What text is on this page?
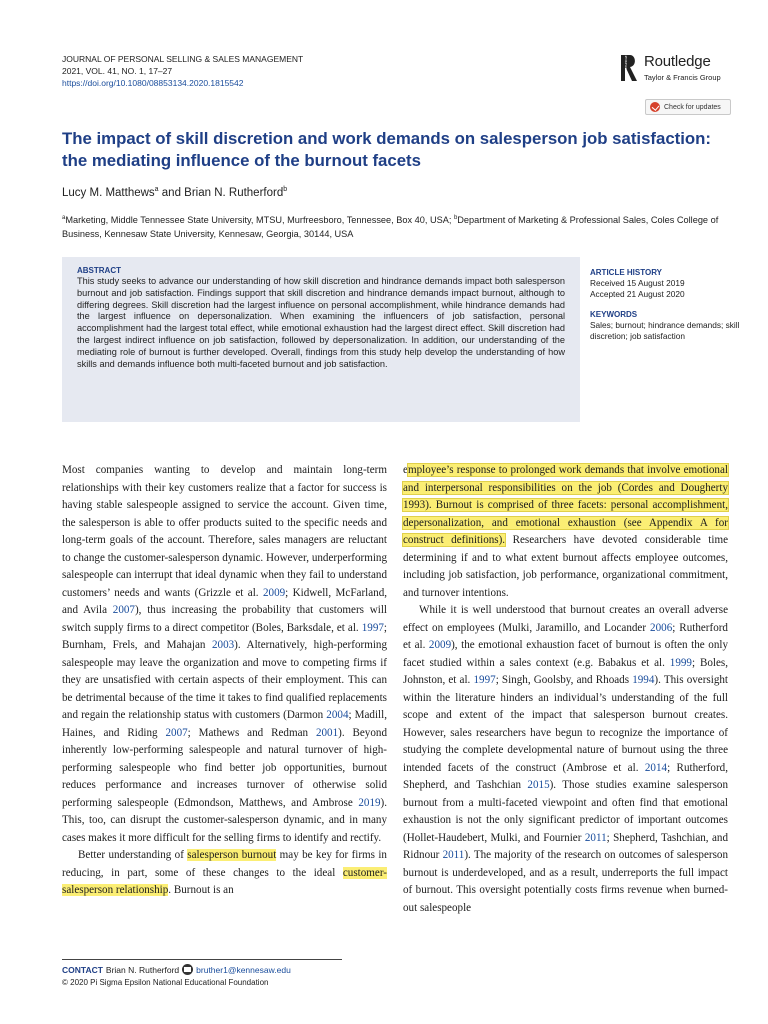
JOURNAL OF PERSONAL SELLING & SALES MANAGEMENT
2021, VOL. 41, NO. 1, 17–27
https://doi.org/10.1080/08853134.2020.1815542
ROUTLEDGE Routledge
Taylor & Francis Group
Check for updates
The impact of skill discretion and work demands on salesperson job satisfaction: the mediating influence of the burnout facets
Lucy M. Matthews$^a$ and Brian N. Rutherford$^b$
$^a$Marketing, Middle Tennessee State University, MTSU, Murfreesboro, Tennessee, Box 40, USA; $^b$Department of Marketing & Professional Sales, Coles College of Business, Kennesaw State University, Kennesaw, Georgia, 30144, USA
ABSTRACT
This study seeks to advance our understanding of how skill discretion and hindrance demands impact both salesperson burnout and job satisfaction. Findings support that skill discretion and hindrance demands impact burnout, although to differing degrees. Skill discretion had the largest influence on personal accomplishment, while hindrance demands had the largest influence on depersonalization. When examining the influencers of job satisfaction, personal accomplishment had the largest total effect, while emotional exhaustion had the largest direct effect. Skill discretion had the largest indirect influence on job satisfaction, followed by depersonalization. In addition, our understanding of the mediating role of burnout is further developed. Overall, findings from this study help develop the understanding of how skills and demands influence both multi-faceted burnout and job satisfaction.
ARTICLE HISTORY
Received 15 August 2019
Accepted 21 August 2020
KEYWORDS
Sales; burnout; hindrance demands; skill discretion; job satisfaction

Most companies wanting to develop and maintain long-term relationships with their key customers realize that a factor for success is having stable salespeople assigned to service the account. Given time, the salesperson is able to offer products suited to the specific needs and long-term goals of the account. Therefore, sales managers are reluctant to change the customer-salesperson dynamic. However, underperforming salespeople can interrupt that ideal dynamic when they fail to understand customers’ needs and wants (Grizzle et al. 2009; Kidwell, McFarland, and Avila 2007), thus increasing the probability that customers will switch supply firms to a direct competitor (Boles, Barksdale, et al. 1997; Burnham, Frels, and Mahajan 2003). Alternatively, high-performing salespeople may leave the organization and move to competing firms if they are unsatisfied with certain aspects of their employment. This can be detrimental because of the time it takes to find qualified replacements and regain the relationship status with customers (Darmon 2004; Madill, Haines, and Riding 2007; Mathews and Redman 2001). Beyond inherently low-performing salespeople and natural turnover of high-performing salespeople who find better job opportunities, burnout reduces performance and increases turnover of otherwise solid performing salespeople (Edmondson, Matthews, and Ambrose 2019). This, too, can disrupt the customer-salesperson dynamic, and in many cases makes it more difficult for the selling firms to identify and rectify.

Better understanding of salesperson burnout may be key for firms in reducing, in part, some of these changes to the ideal customer-salesperson relationship. Burnout is an

employee’s response to prolonged work demands that involve emotional and interpersonal responsibilities on the job (Cordes and Dougherty 1993). Burnout is comprised of three facets: personal accomplishment, depersonalization, and emotional exhaustion (see Appendix A for construct definitions). Researchers have devoted considerable time determining if and to what extent burnout affects employee outcomes, including job satisfaction, job performance, organizational commitment, and turnover intentions.

While it is well understood that burnout creates an overall adverse effect on employees (Mulki, Jaramillo, and Locander 2006; Rutherford et al. 2009), the emotional exhaustion facet of burnout is often the only facet studied within a sales context (e.g. Babakus et al. 1999; Boles, Johnston, et al. 1997; Singh, Goolsby, and Rhoads 1994). This oversight within the literature hinders an individual’s understanding of the full scope and extent of the impact that salesperson burnout creates. However, sales researchers have begun to recognize the importance of studying the complete developmental nature of burnout using the three intended facets of the construct (Ambrose et al. 2014; Rutherford, Shepherd, and Tashchian 2015). Those studies examine salesperson burnout from a multi-faceted viewpoint and often find that emotional exhaustion is not the only significant predictor of important outcomes (Hollet-Haudebert, Mulki, and Fournier 2011; Shepherd, Tashchian, and Ridnour 2011). The majority of the research on outcomes of salesperson burnout is underdeveloped, and as a result, underreports the full impact of burnout. This oversight potentially costs firms revenue when burned-out salespeople

CONTACT Brian N. Rutherford bruther1@kennesaw.edu
© 2020 Pi Sigma Epsilon National Educational Foundation
